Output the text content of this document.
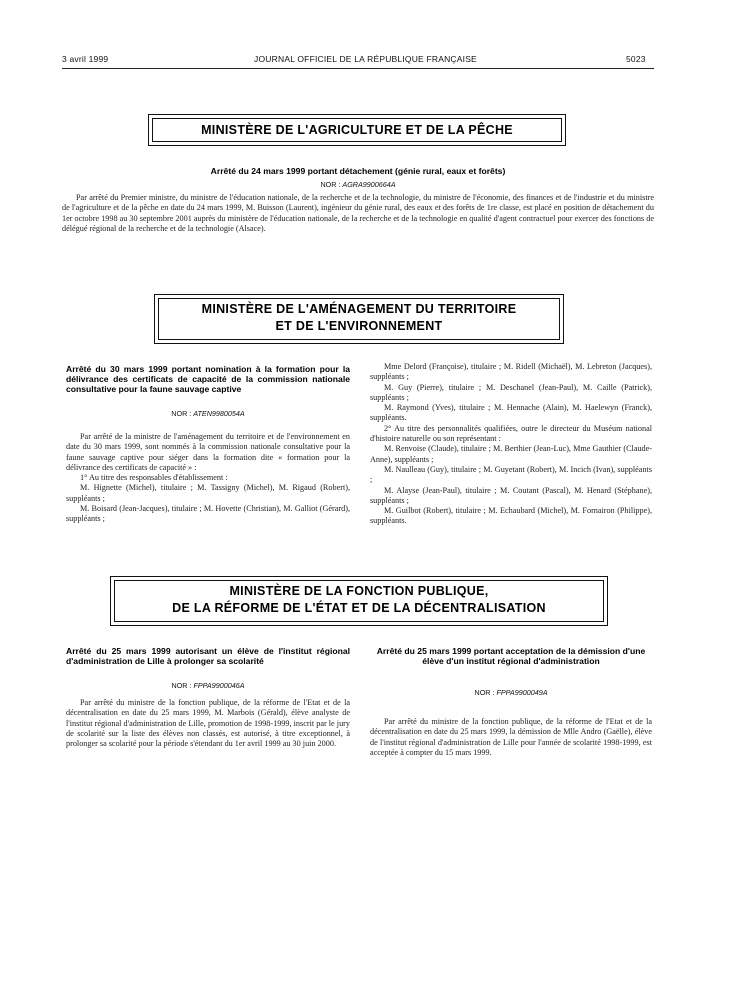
3 avril 1999	JOURNAL OFFICIEL DE LA RÉPUBLIQUE FRANÇAISE	5023
MINISTÈRE DE L'AGRICULTURE ET DE LA PÊCHE
Arrêté du 24 mars 1999 portant détachement (génie rural, eaux et forêts)
NOR : AGRA9900664A

Par arrêté du Premier ministre, du ministre de l'éducation nationale, de la recherche et de la technologie, du ministre de l'économie, des finances et de l'industrie et du ministre de l'agriculture et de la pêche en date du 24 mars 1999, M. Buisson (Laurent), ingénieur du génie rural, des eaux et des forêts de 1re classe, est placé en position de détachement du 1er octobre 1998 au 30 septembre 2001 auprès du ministère de l'éducation nationale, de la recherche et de la technologie en qualité d'agent contractuel pour exercer des fonctions de délégué régional de la recherche et de la technologie (Alsace).

MINISTÈRE DE L'AMÉNAGEMENT DU TERRITOIRE
ET DE L'ENVIRONNEMENT
Arrêté du 30 mars 1999 portant nomination à la formation pour la délivrance des certificats de capacité de la commission nationale consultative pour la faune sauvage captive
NOR : ATEN9980054A

Par arrêté de la ministre de l'aménagement du territoire et de l'environnement en date du 30 mars 1999, sont nommés à la commission nationale consultative pour la faune sauvage captive pour siéger dans la formation dite « formation pour la délivrance des certificats de capacité » :

1° Au titre des responsables d'établissement :

M. Hignette (Michel), titulaire ; M. Tassigny (Michel), M. Rigaud (Robert), suppléants ;

M. Boisard (Jean-Jacques), titulaire ; M. Hovette (Christian), M. Galliot (Gérard), suppléants ;

Mme Delord (Françoise), titulaire ; M. Ridell (Michaël), M. Lebreton (Jacques), suppléants ;

M. Guy (Pierre), titulaire ; M. Deschanel (Jean-Paul), M. Caille (Patrick), suppléants ;

M. Raymond (Yves), titulaire ; M. Hennache (Alain), M. Haelewyn (Franck), suppléants.

2° Au titre des personnalités qualifiées, outre le directeur du Muséum national d'histoire naturelle ou son représentant :

M. Renvoise (Claude), titulaire ; M. Berthier (Jean-Luc), Mme Gauthier (Claude-Anne), suppléants ;

M. Naulleau (Guy), titulaire ; M. Guyetant (Robert), M. Incich (Ivan), suppléants ;

M. Alayse (Jean-Paul), titulaire ; M. Coutant (Pascal), M. Henard (Stéphane), suppléants ;

M. Guilbot (Robert), titulaire ; M. Echaubard (Michel), M. Fornairon (Philippe), suppléants.

MINISTÈRE DE LA FONCTION PUBLIQUE,
DE LA RÉFORME DE L'ÉTAT ET DE LA DÉCENTRALISATION
Arrêté du 25 mars 1999 autorisant un élève de l'institut régional d'administration de Lille à prolonger sa scolarité
NOR : FPPA9900046A

Par arrêté du ministre de la fonction publique, de la réforme de l'Etat et de la décentralisation en date du 25 mars 1999, M. Marbois (Gérald), élève analyste de l'institut régional d'administration de Lille, promotion de 1998-1999, inscrit par le jury de scolarité sur la liste des élèves non classés, est autorisé, à titre exceptionnel, à prolonger sa scolarité pour la période s'étendant du 1er avril 1999 au 30 juin 2000.

Arrêté du 25 mars 1999 portant acceptation de la démission d'une élève d'un institut régional d'administration
NOR : FPPA9900049A

Par arrêté du ministre de la fonction publique, de la réforme de l'Etat et de la décentralisation en date du 25 mars 1999, la démission de Mlle Andro (Gaëlle), élève de l'institut régional d'administration de Lille pour l'année de scolarité 1998-1999, est acceptée à compter du 15 mars 1999.
